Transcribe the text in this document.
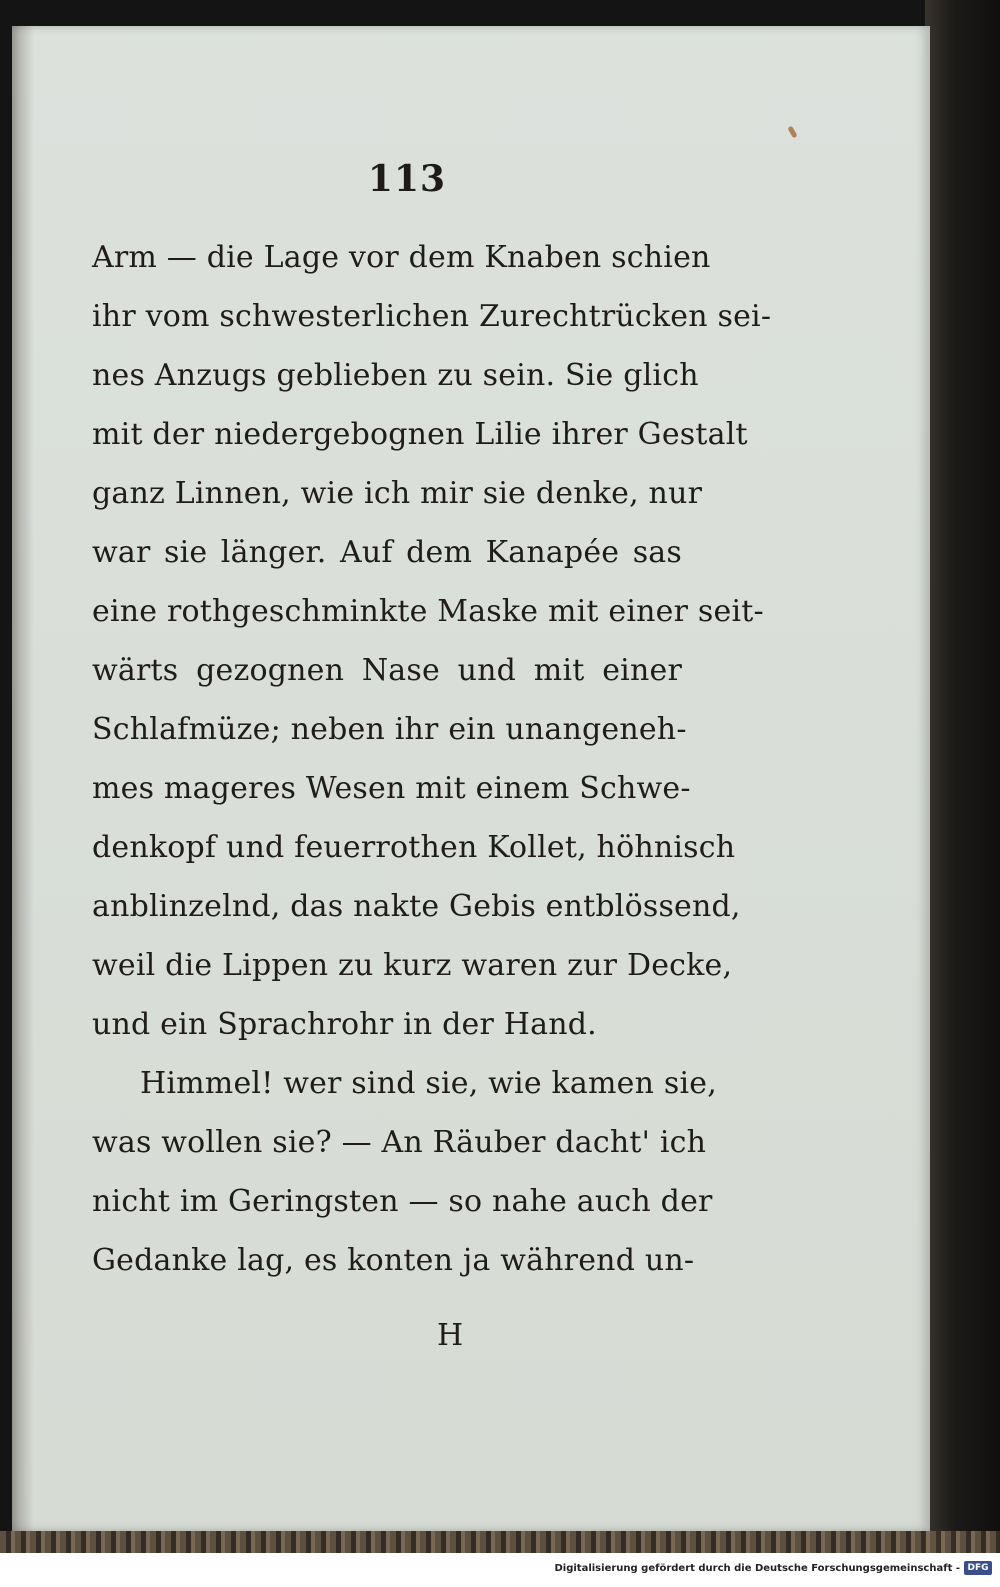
113
Arm — die Lage vor dem Knaben schien
ihr vom schwesterlichen Zurechtrücken sei-
nes Anzugs geblieben zu sein. Sie glich
mit der niedergebognen Lilie ihrer Gestalt
ganz Linnen, wie ich mir sie denke, nur
war sie länger. Auf dem Kanapée sas
eine rothgeschminkte Maske mit einer seit-
wärts gezognen Nase und mit einer
Schlafmüze; neben ihr ein unangeneh-
mes mageres Wesen mit einem Schwe-
denkopf und feuerrothen Kollet, höhnisch
anblinzelnd, das nakte Gebis entblössend,
weil die Lippen zu kurz waren zur Decke,
und ein Sprachrohr in der Hand.
Himmel! wer sind sie, wie kamen sie,
was wollen sie? — An Räuber dacht' ich
nicht im Geringsten — so nahe auch der
Gedanke lag, es konten ja während un-
H
Digitalisierung gefördert durch die Deutsche Forschungsgemeinschaft - DFG
